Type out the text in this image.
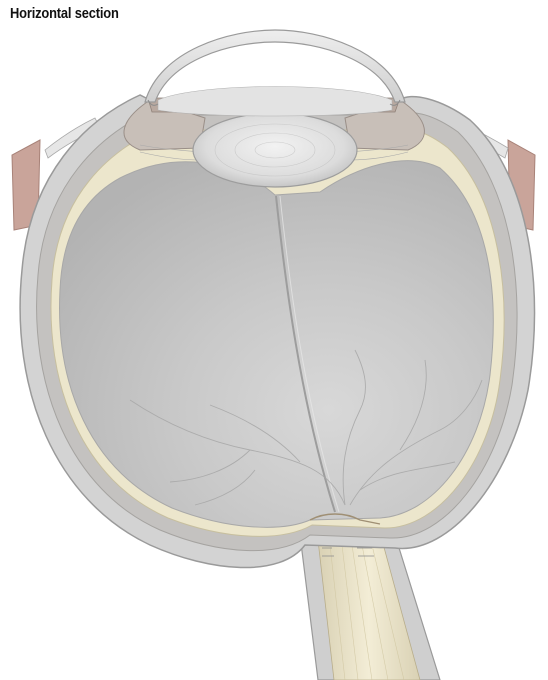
Horizontal section
